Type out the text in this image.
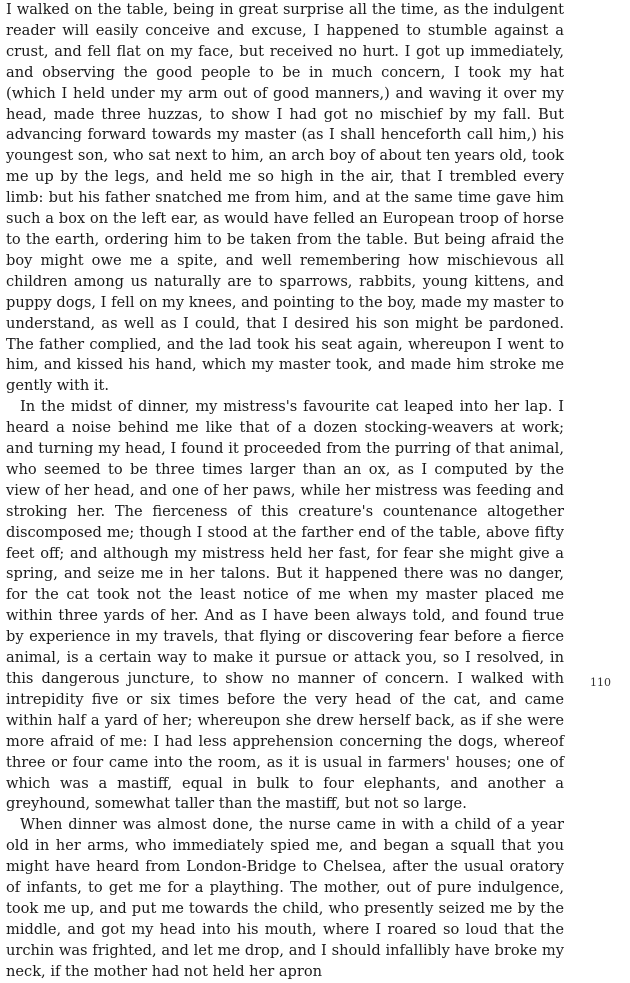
I walked on the table, being in great surprise all the time, as the indulgent reader will easily conceive and excuse, I happened to stumble against a crust, and fell flat on my face, but received no hurt. I got up immediately, and observing the good people to be in much concern, I took my hat (which I held under my arm out of good manners,) and waving it over my head, made three huzzas, to show I had got no mischief by my fall. But advancing forward towards my master (as I shall henceforth call him,) his youngest son, who sat next to him, an arch boy of about ten years old, took me up by the legs, and held me so high in the air, that I trembled every limb: but his father snatched me from him, and at the same time gave him such a box on the left ear, as would have felled an European troop of horse to the earth, ordering him to be taken from the table. But being afraid the boy might owe me a spite, and well remembering how mischievous all children among us naturally are to sparrows, rabbits, young kittens, and puppy dogs, I fell on my knees, and pointing to the boy, made my master to understand, as well as I could, that I desired his son might be pardoned. The father complied, and the lad took his seat again, whereupon I went to him, and kissed his hand, which my master took, and made him stroke me gently with it.

In the midst of dinner, my mistress's favourite cat leaped into her lap. I heard a noise behind me like that of a dozen stocking-weavers at work; and turning my head, I found it proceeded from the purring of that animal, who seemed to be three times larger than an ox, as I computed by the view of her head, and one of her paws, while her mistress was feeding and stroking her. The fierceness of this creature's countenance altogether discomposed me; though I stood at the farther end of the table, above fifty feet off; and although my mistress held her fast, for fear she might give a spring, and seize me in her talons. But it happened there was no danger, for the cat took not the least notice of me when my master placed me within three yards of her. And as I have been always told, and found true by experience in my travels, that flying or discovering fear before a fierce animal, is a certain way to make it pursue or attack you, so I resolved, in this dangerous juncture, to show no manner of concern. I walked with intrepidity five or six times before the very head of the cat, and came within half a yard of her; whereupon she drew herself back, as if she were more afraid of me: I had less apprehension concerning the dogs, whereof three or four came into the room, as it is usual in farmers' houses; one of which was a mastiff, equal in bulk to four elephants, and another a greyhound, somewhat taller than the mastiff, but not so large.

When dinner was almost done, the nurse came in with a child of a year old in her arms, who immediately spied me, and began a squall that you might have heard from London-Bridge to Chelsea, after the usual oratory of infants, to get me for a plaything. The mother, out of pure indulgence, took me up, and put me towards the child, who presently seized me by the middle, and got my head into his mouth, where I roared so loud that the urchin was frighted, and let me drop, and I should infallibly have broke my neck, if the mother had not held her apron

110
